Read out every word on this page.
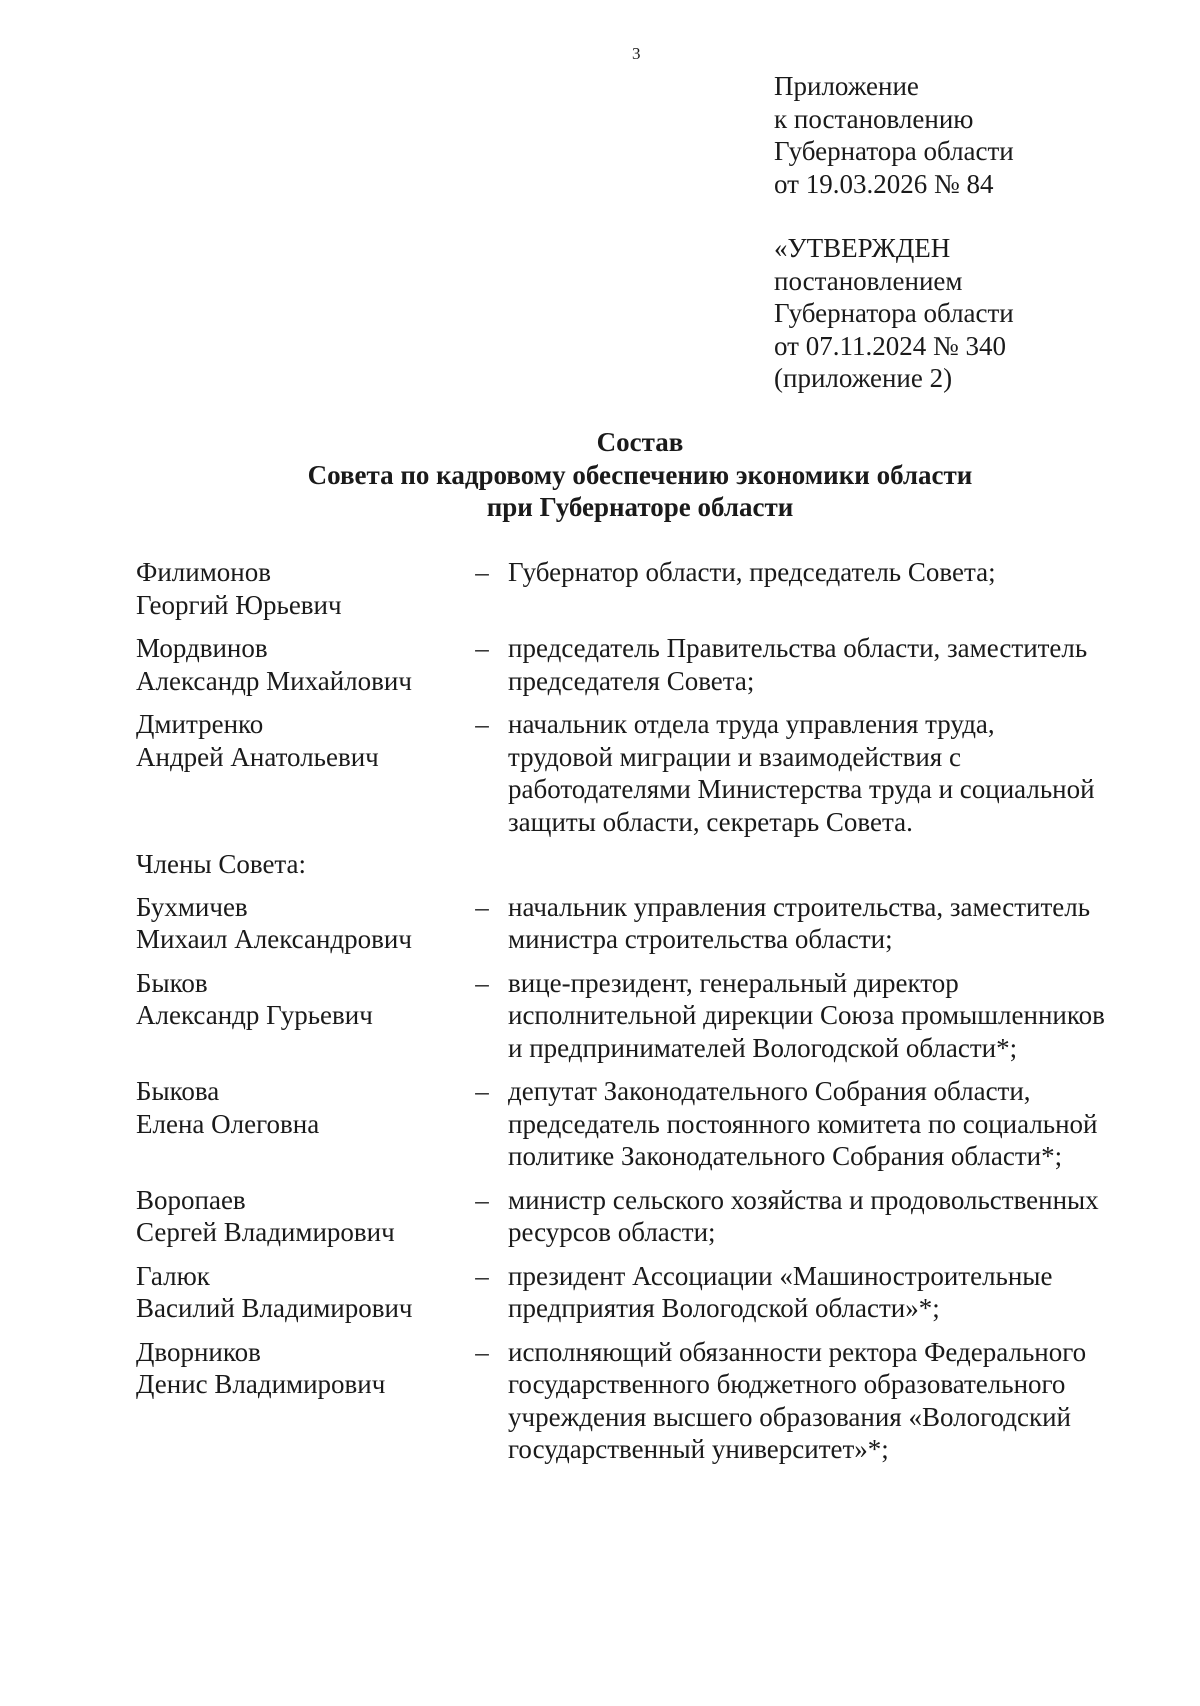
3
Приложение
к постановлению
Губернатора области
от 19.03.2026 № 84
«УТВЕРЖДЕН
постановлением
Губернатора области
от 07.11.2024 № 340
(приложение 2)
Состав
Совета по кадровому обеспечению экономики области
при Губернаторе области
Филимонов
Георгий Юрьевич
– Губернатор области, председатель Совета;
Мордвинов
Александр Михайлович
– председатель Правительства области, заместитель
председателя Совета;
Дмитренко
Андрей Анатольевич
– начальник отдела труда управления труда,
трудовой миграции и взаимодействия с
работодателями Министерства труда и социальной
защиты области, секретарь Совета.
Члены Совета:
Бухмичев
Михаил Александрович
– начальник управления строительства, заместитель
министра строительства области;
Быков
Александр Гурьевич
– вице-президент, генеральный директор
исполнительной дирекции Союза промышленников
и предпринимателей Вологодской области*;
Быкова
Елена Олеговна
– депутат Законодательного Собрания области,
председатель постоянного комитета по социальной
политике Законодательного Собрания области*;
Воропаев
Сергей Владимирович
– министр сельского хозяйства и продовольственных
ресурсов области;
Галюк
Василий Владимирович
– президент Ассоциации «Машиностроительные
предприятия Вологодской области»*;
Дворников
Денис Владимирович
– исполняющий обязанности ректора Федерального
государственного бюджетного образовательного
учреждения высшего образования «Вологодский
государственный университет»*;
